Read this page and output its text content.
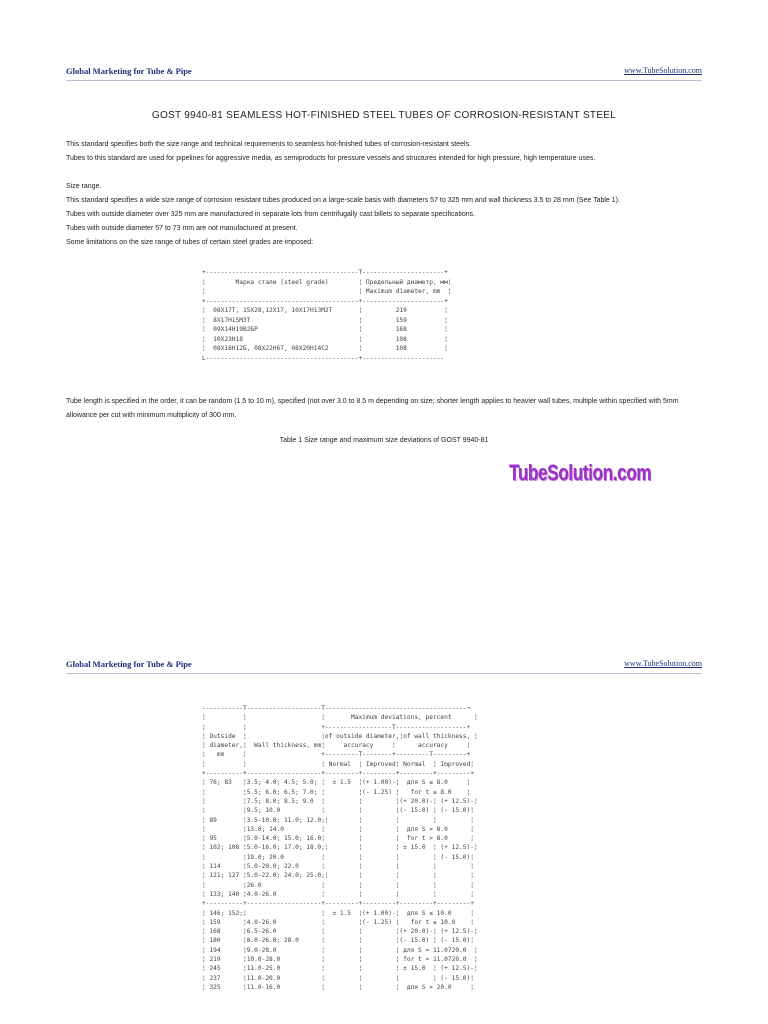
Global Marketing for Tube & Pipe	www.TubeSolution.com
GOST 9940-81 SEAMLESS HOT-FINISHED STEEL TUBES OF CORROSION-RESISTANT STEEL
This standard specifies both the size range and technical requirements to seamless hot-finished tubes of corrosion-resistant steels.
Tubes to this standard are used for pipelines for aggressive media, as semiproducts for pressure vessels and structures intended for high pressure, high temperature uses.
Size range.
This standard specifies a wide size range of corrosion resistant tubes produced on a large-scale basis with diameters 57 to 325 mm and wall thickness 3.5 to 28 mm (See Table 1).
Tubes with outside diameter over 325 mm are manufactured in separate lots from centrifugally cast billets to separate specifications.
Tubes with outside diameter 57 to 73 mm are not manufactured at present.
Some limitations on the size range of tubes of certain steel grades are imposed:
+-----------------------------------------T----------------------+
¦        Марка стали (steel grade)        ¦ Предельный диаметр, мм¦
¦                                         ¦ Maximum diameter, mm  ¦
+-----------------------------------------+----------------------+
¦  08X17T, 15X28,12X17, 10X17H13M2T       ¦         219          ¦
¦  8X17H15M3T                             ¦         159          ¦
¦  09X14H19B2БР                           ¦         168          ¦
¦  10X23H18                               ¦         108          ¦
¦  08X18H12Б, 08X22H6T, 08X20H14C2        ¦         108          ¦
L-----------------------------------------+----------------------
Tube length is specified in the order, it can be random (1.5 to 10 m), specified (not over 3.0 to 8.5 m depending on size; shorter length applies to heavier wall tubes, multiple within specified with 5mm allowance per cut with minimum multiplicity of 300 mm.
Table 1 Size range and maximum size deviations of GOST 9940-81
TubeSolution.com
Global Marketing for Tube & Pipe	www.TubeSolution.com
-----------T--------------------T--------------------------------------¬
¦          ¦                    ¦       Maximum deviations, percent      ¦
¦          ¦                    +------------------T-------------------+
¦ Outside  ¦                    ¦of outside diameter,¦of wall thickness, ¦
¦ diameter,¦  Wall thickness, mm¦     accuracy     ¦      accuracy     ¦
¦   mm     ¦                    +---------T--------+---------T---------+
¦          ¦                    ¦ Normal  ¦ Improved¦ Normal  ¦ Improved¦
+----------+--------------------+---------+---------+---------+---------+
¦ 76; 83   ¦3.5; 4.0; 4.5; 5.0; ¦  ± 1.5  ¦(+ 1.00)-¦  для S ≤ 8.0     ¦
¦          ¦5.5; 6.0; 6.5; 7.0; ¦         ¦(- 1.25) ¦   for t ≤ 8.0    ¦
¦          ¦7.5; 8.0; 8.5; 9.0  ¦         ¦         ¦(+ 20.0)-¦ (+ 12.5)-¦
¦          ¦9.5; 10.0           ¦         ¦         ¦(- 15.0) ¦ (- 15.0)¦
¦ 89       ¦3.5-10.0; 11.0; 12.0;¦        ¦         ¦         ¦         ¦
¦          ¦13.0; 14.0          ¦         ¦         ¦  для S > 8.0      ¦
¦ 95       ¦5.0-14.0; 15.0; 16.0¦         ¦         ¦  for t > 8.0      ¦
¦ 102; 108 ¦5.0-16.0; 17.0; 18.0;¦        ¦         ¦ ± 15.0  ¦ (+ 12.5)-¦
¦          ¦19.0; 20.0          ¦         ¦         ¦         ¦ (- 15.0)¦
¦ 114      ¦5.0-20.0; 22.0      ¦         ¦         ¦         ¦         ¦
¦ 121; 127 ¦5.0-22.0; 24.0; 25.0;¦        ¦         ¦         ¦         ¦
¦          ¦26.0                ¦         ¦         ¦         ¦         ¦
¦ 133; 140 ¦4.0-26.0            ¦         ¦         ¦         ¦         ¦
+----------+--------------------+---------+---------+---------+---------+
¦ 146; 152;¦                    ¦  ± 1.5  ¦(+ 1.00)-¦  для S ≤ 10.0     ¦
¦ 159      ¦4.0-26.0            ¦         ¦(- 1.25) ¦   for t ≤ 10.0    ¦
¦ 168      ¦6.5-26.0            ¦         ¦         ¦(+ 20.0)-¦ (+ 12.5)-¦
¦ 180      ¦8.0-26.0; 28.0      ¦         ¦         ¦(- 15.0) ¦ (- 15.0)¦
¦ 194      ¦9.0-28.0            ¦         ¦         ¦ для S = 11.0720.0  ¦
¦ 219      ¦10.0-28.0           ¦         ¦         ¦ for t = 11.0720.0  ¦
¦ 245      ¦11.0-25.0           ¦         ¦         ¦ ± 15.0  ¦ (+ 12.5)-¦
¦ 237      ¦11.0-20.0           ¦         ¦         ¦         ¦ (- 15.0)¦
¦ 325      ¦11.0-16.0           ¦         ¦         ¦  для S > 20.0     ¦
